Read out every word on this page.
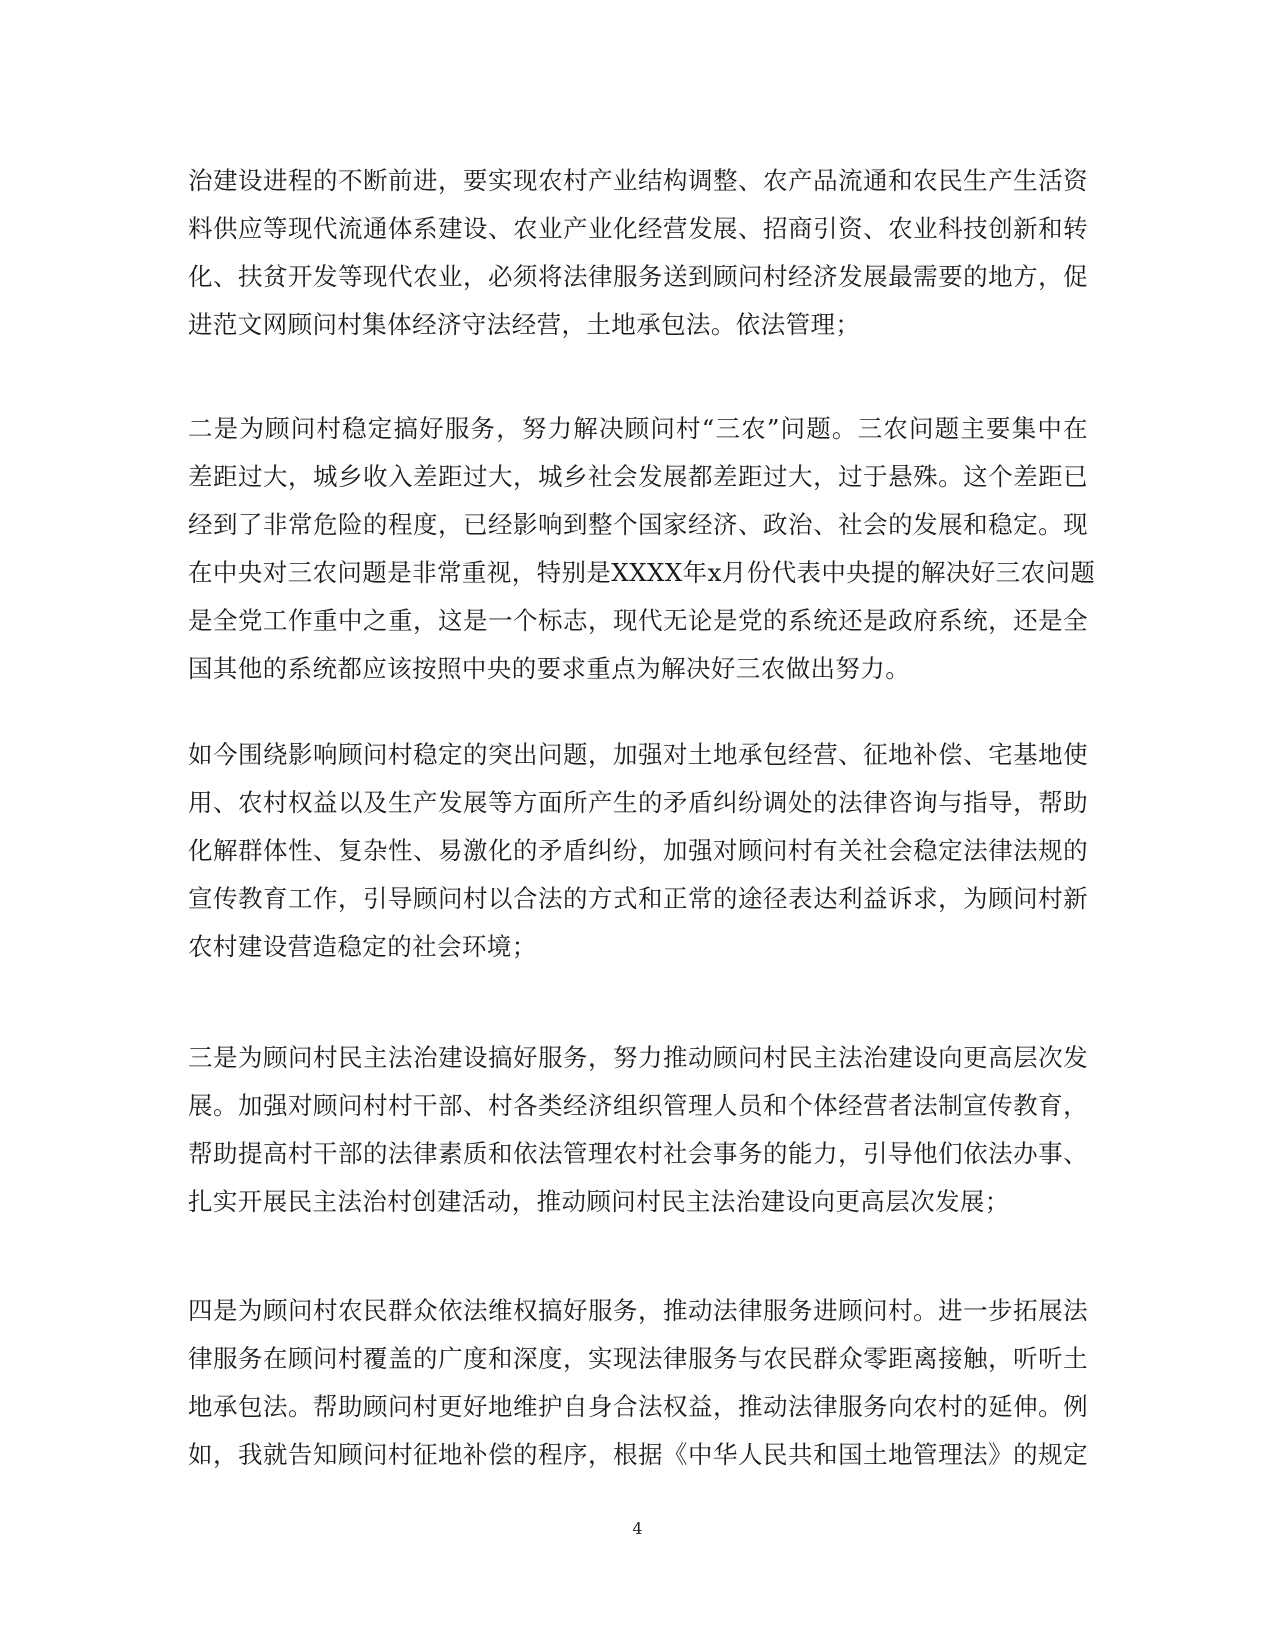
治建设进程的不断前进，要实现农村产业结构调整、农产品流通和农民生产生活资
料供应等现代流通体系建设、农业产业化经营发展、招商引资、农业科技创新和转
化、扶贫开发等现代农业，必须将法律服务送到顾问村经济发展最需要的地方，促
进范文网顾问村集体经济守法经营，土地承包法。依法管理；
二是为顾问村稳定搞好服务，努力解决顾问村“三农”问题。三农问题主要集中在
差距过大，城乡收入差距过大，城乡社会发展都差距过大，过于悬殊。这个差距已
经到了非常危险的程度，已经影响到整个国家经济、政治、社会的发展和稳定。现
在中央对三农问题是非常重视，特别是XXXX年x月份代表中央提的解决好三农问题
是全党工作重中之重，这是一个标志，现代无论是党的系统还是政府系统，还是全
国其他的系统都应该按照中央的要求重点为解决好三农做出努力。
如今围绕影响顾问村稳定的突出问题，加强对土地承包经营、征地补偿、宅基地使
用、农村权益以及生产发展等方面所产生的矛盾纠纷调处的法律咨询与指导，帮助
化解群体性、复杂性、易激化的矛盾纠纷，加强对顾问村有关社会稳定法律法规的
宣传教育工作，引导顾问村以合法的方式和正常的途径表达利益诉求，为顾问村新
农村建设营造稳定的社会环境；
三是为顾问村民主法治建设搞好服务，努力推动顾问村民主法治建设向更高层次发
展。加强对顾问村村干部、村各类经济组织管理人员和个体经营者法制宣传教育，
帮助提高村干部的法律素质和依法管理农村社会事务的能力，引导他们依法办事、
扎实开展民主法治村创建活动，推动顾问村民主法治建设向更高层次发展；
四是为顾问村农民群众依法维权搞好服务，推动法律服务进顾问村。进一步拓展法
律服务在顾问村覆盖的广度和深度，实现法律服务与农民群众零距离接触，听听土
地承包法。帮助顾问村更好地维护自身合法权益，推动法律服务向农村的延伸。例
如，我就告知顾问村征地补偿的程序，根据《中华人民共和国土地管理法》的规定
4
